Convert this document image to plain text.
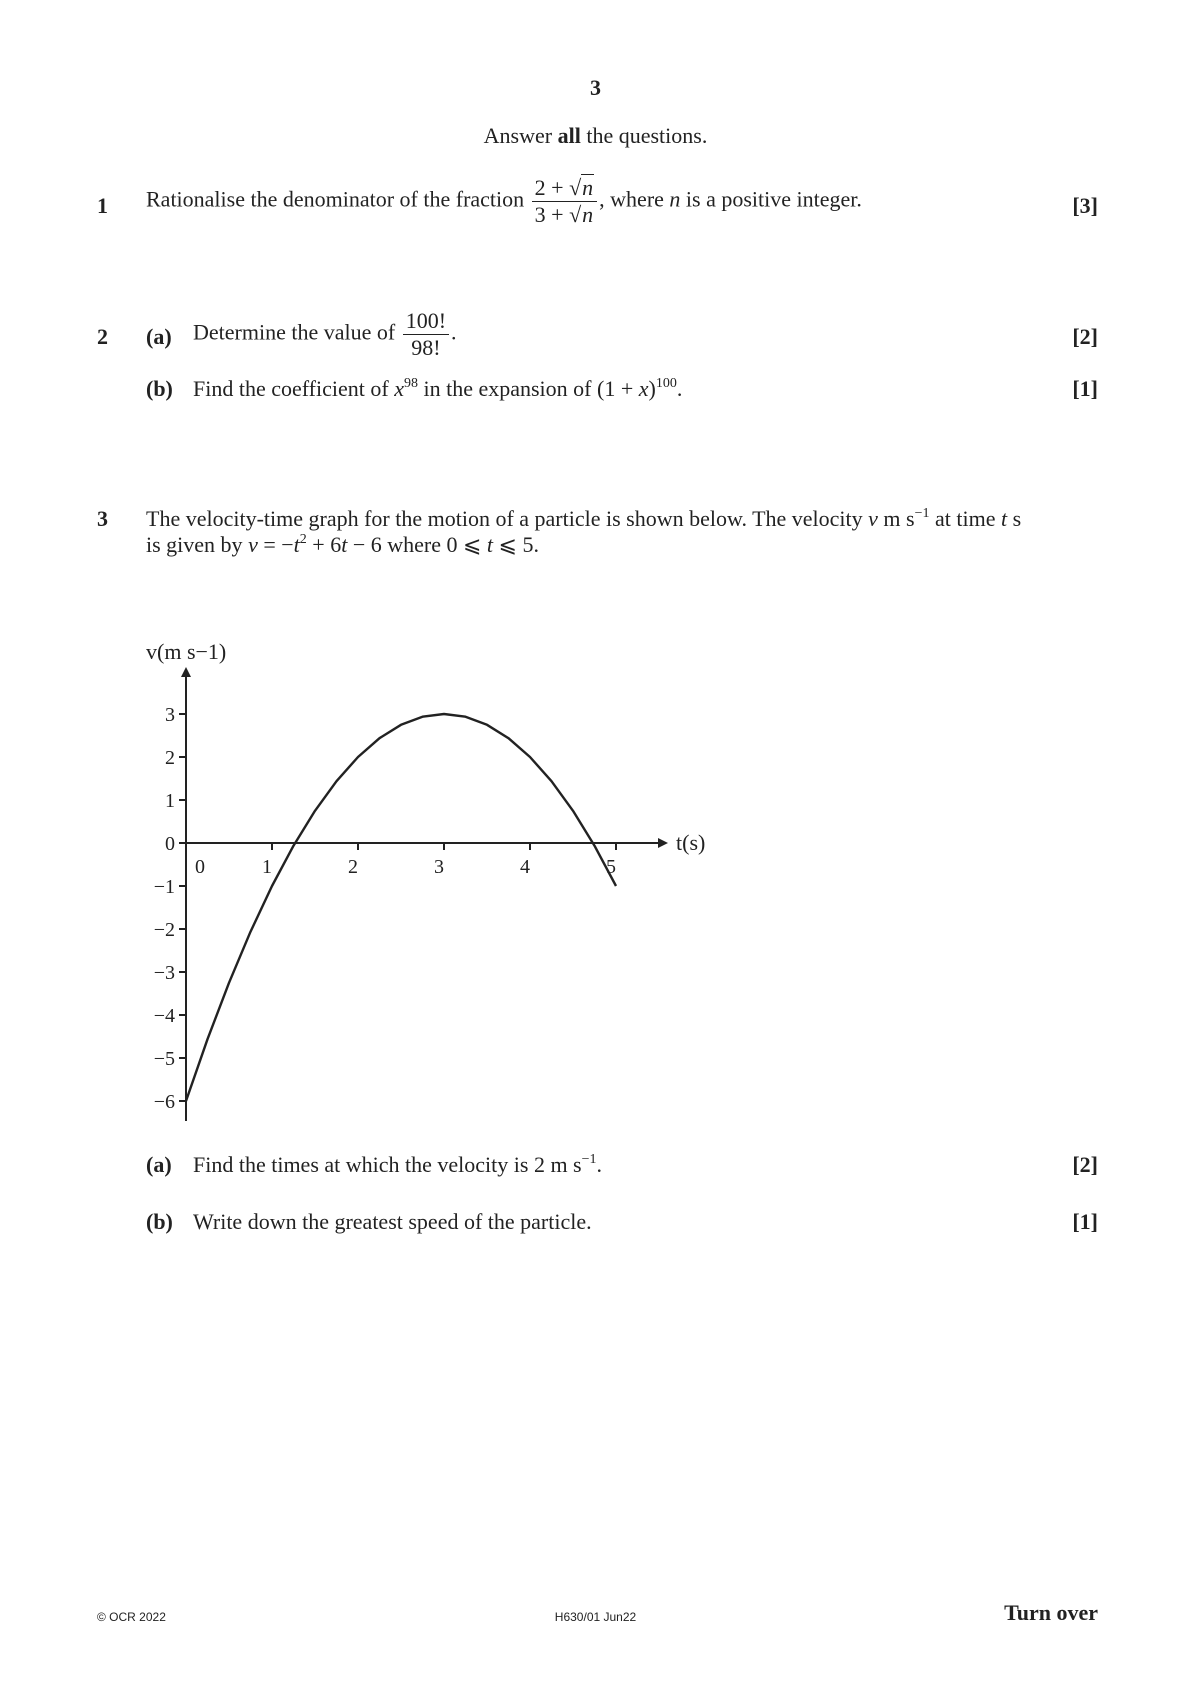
3
Answer all the questions.
1 Rationalise the denominator of the fraction $\frac{2 + √n}{3 + √n}$ , where n is a positive integer.	[3]
2 (a) Determine the value of $\frac{100!}{98!}$ .	[2]
(b) Find the coefficient of $x^{98}$ in the expansion of $(1 + x)^{100}$.	[1]
3 The velocity-time graph for the motion of a particle is shown below. The velocity v m $s^{-1}$ at time t s
is given by $v = -t^2 + 6t - 6$ where 0 ⩽ t ⩽ 5.
3
2
1
0
−1
−2
−3
−4
−5
−6
0	1	2	3	4	5
v(m s−1)
t(s)
(a) Find the times at which the velocity is 2 m $s^{-1}$.	[2]
(b) Write down the greatest speed of the particle.	[1]
© OCR 2022	H630/01 Jun22	Turn over
